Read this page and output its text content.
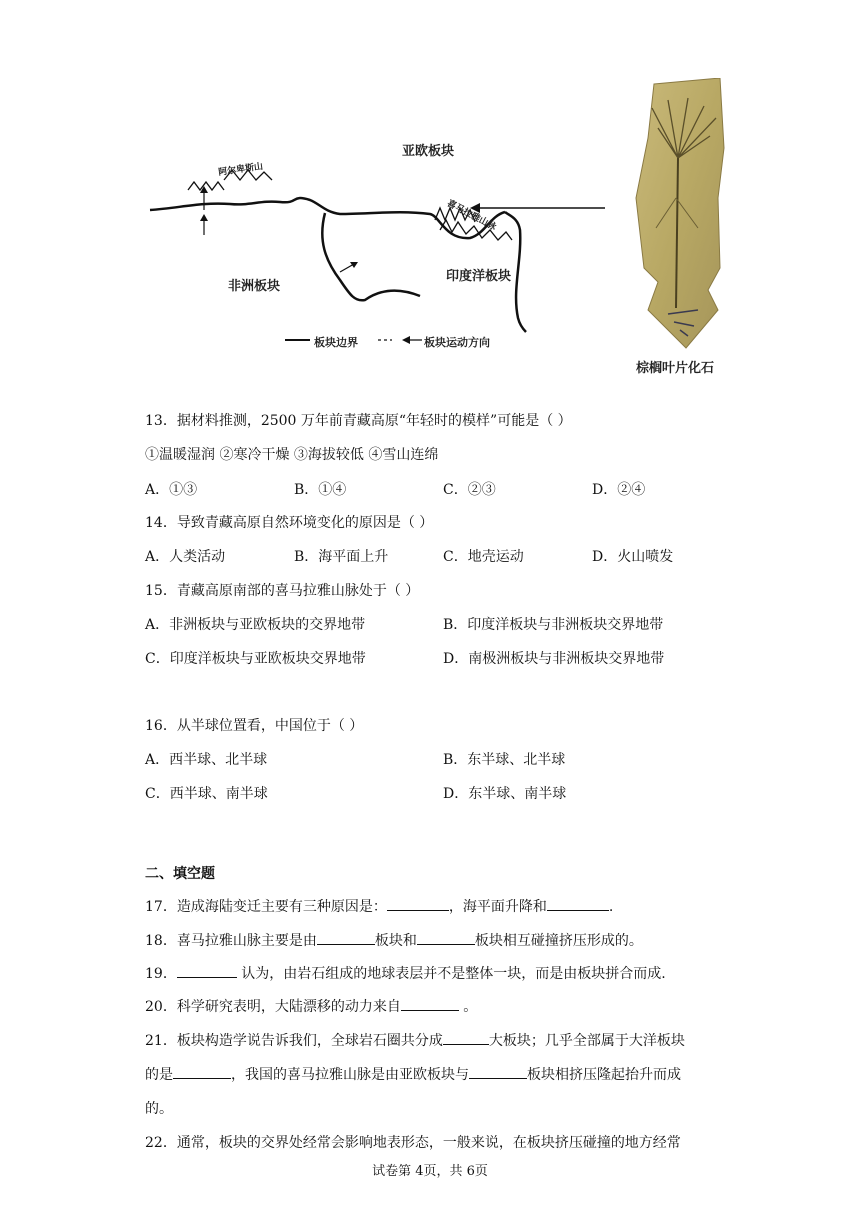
亚欧板块
非洲板块
印度洋板块
阿尔卑斯山
喜马拉雅山脉
板块边界	板块运动方向
棕榈叶片化石
13．据材料推测，2500 万年前青藏高原“年轻时的模样”可能是（ ）
①温暖湿润 ②寒冷干燥 ③海拔较低 ④雪山连绵
A．①③	B．①④	C．②③	D．②④
14．导致青藏高原自然环境变化的原因是（ ）
A．人类活动	B．海平面上升	C．地壳运动	D．火山喷发
15．青藏高原南部的喜马拉雅山脉处于（ ）
A．非洲板块与亚欧板块的交界地带	B．印度洋板块与非洲板块交界地带
C．印度洋板块与亚欧板块交界地带	D．南极洲板块与非洲板块交界地带
16．从半球位置看，中国位于（ ）
A．西半球、北半球	B．东半球、北半球
C．西半球、南半球	D．东半球、南半球
二、填空题
17．造成海陆变迁主要有三种原因是：	，海平面升降和	.
18．喜马拉雅山脉主要是由	板块和	板块相互碰撞挤压形成的。
19．	认为，由岩石组成的地球表层并不是整体一块，而是由板块拼合而成.
20．科学研究表明，大陆漂移的动力来自	。
21．板块构造学说告诉我们，全球岩石圈共分成	大板块；几乎全部属于大洋板块
的是	，我国的喜马拉雅山脉是由亚欧板块与	板块相挤压隆起抬升而成
的。
22．通常，板块的交界处经常会影响地表形态，一般来说，在板块挤压碰撞的地方经常
试卷第 4页，共 6页
